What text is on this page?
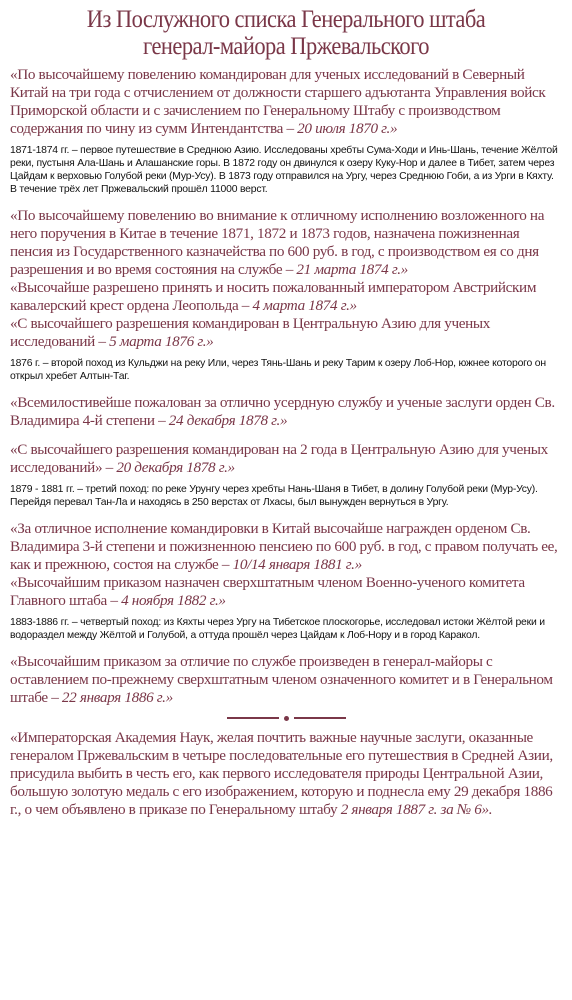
Из Послужного списка Генерального штаба
генерал-майора Пржевальского

«По высочайшему повелению командирован для ученых исследований в Северный Китай на три года с отчислением от должности старшего адъютанта Управления войск Приморской области и с зачислением по Генеральному Штабу с производством содержания по чину из сумм Интендантства – 20 июля 1870 г.»

1871-1874 гг. – первое путешествие в Среднюю Азию. Исследованы хребты Сума-Ходи и Инь-Шань, течение Жёлтой реки, пустыня Ала-Шань и Алашанские горы. В 1872 году он двинулся к озеру Куку-Нор и далее в Тибет, затем через Цайдам к верховью Голубой реки (Мур-Усу). В 1873 году отправился на Ургу, через Среднюю Гоби, а из Урги в Кяхту. В течение трёх лет Пржевальский прошёл 11000 верст.

«По высочайшему повелению во внимание к отличному исполнению возложенного на него поручения в Китае в течение 1871, 1872 и 1873 годов, назначена пожизненная пенсия из Государственного казначейства по 600 руб. в год, с производством ея со дня разрешения и во время состояния на службе – 21 марта 1874 г.»

«Высочайше разрешено принять и носить пожалованный императором Австрийским кавалерский крест ордена Леопольда – 4 марта 1874 г.»

«С высочайшего разрешения командирован в Центральную Азию для ученых исследований – 5 марта 1876 г.»

1876 г. – второй поход из Кульджи на реку Или, через Тянь-Шань и реку Тарим к озеру Лоб-Нор, южнее которого он открыл хребет Алтын-Таг.

«Всемилостивейше пожалован за отлично усердную службу и ученые заслуги орден Св. Владимира 4-й степени – 24 декабря 1878 г.»

«С высочайшего разрешения командирован на 2 года в Центральную Азию для ученых исследований» – 20 декабря 1878 г.»

1879 - 1881 гг. – третий поход: по реке Урунгу через хребты Нань-Шаня в Тибет, в долину Голубой реки (Мур-Усу). Перейдя перевал Тан-Ла и находясь в 250 верстах от Лхасы, был вынужден вернуться в Ургу.

«За отличное исполнение командировки в Китай высочайше награжден орденом Св. Владимира 3-й степени и пожизненною пенсиею по 600 руб. в год, с правом получать ее, как и прежнюю, состоя на службе – 10/14 января 1881 г.»

«Высочайшим приказом назначен сверхштатным членом Военно-ученого комитета Главного штаба – 4 ноября 1882 г.»

1883-1886 гг. – четвертый поход: из Кяхты через Ургу на Тибетское плоскогорье, исследовал истоки Жёлтой реки и водораздел между Жёлтой и Голубой, а оттуда прошёл через Цайдам к Лоб-Нору и в город Каракол.

«Высочайшим приказом за отличие по службе произведен в генерал-майоры с оставлением по-прежнему сверхштатным членом означенного комитет и в Генеральном штабе – 22 января 1886 г.»

«Императорская Академия Наук, желая почтить важные научные заслуги, оказанные генералом Пржевальским в четыре последовательные его путешествия в Средней Азии, присудила выбить в честь его, как первого исследователя природы Центральной Азии, большую золотую медаль с его изображением, которую и поднесла ему 29 декабря 1886 г., о чем объявлено в приказе по Генеральному штабу 2 января 1887 г. за № 6».
